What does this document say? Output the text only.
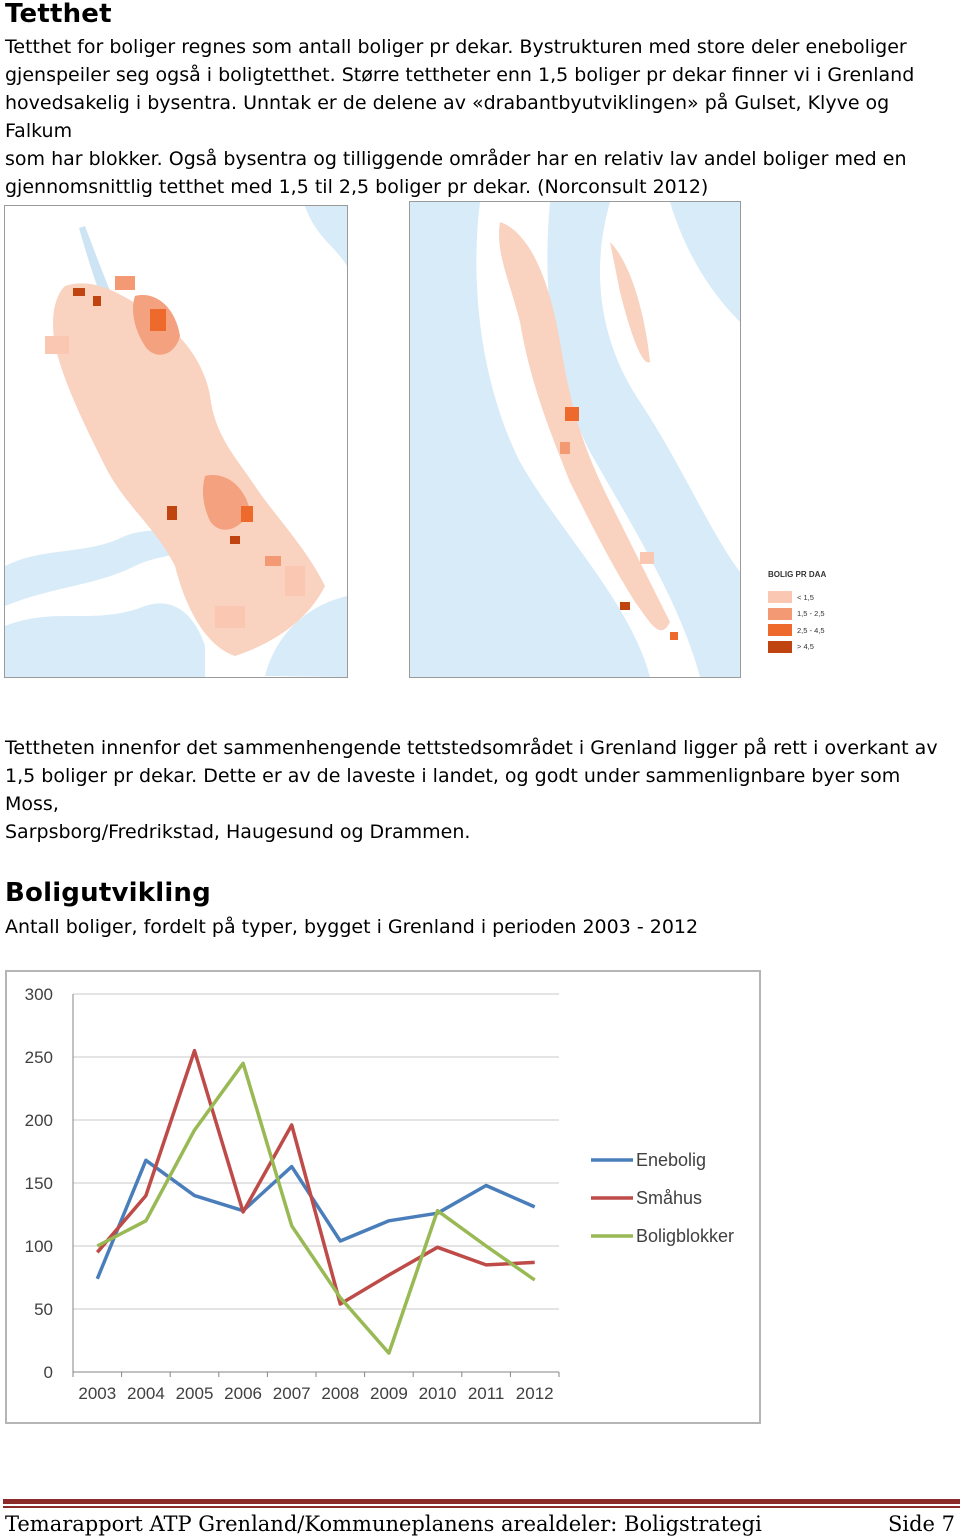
Tetthet
Tetthet for boliger regnes som antall boliger pr dekar. Bystrukturen med store deler eneboliger
gjenspeiler seg også i boligtetthet. Større tettheter enn 1,5 boliger pr dekar finner vi i Grenland
hovedsakelig i bysentra. Unntak er de delene av «drabantbyutviklingen» på Gulset, Klyve og Falkum
som har blokker. Også bysentra og tilliggende områder har en relativ lav andel boliger med en
gjennomsnittlig tetthet med 1,5 til 2,5 boliger pr dekar. (Norconsult 2012)
BOLIG PR DAA
< 1,5
1,5 - 2,5
2,5 - 4,5
> 4,5
Tettheten innenfor det sammenhengende tettstedsområdet i Grenland ligger på rett i overkant av
1,5 boliger pr dekar. Dette er av de laveste i landet, og godt under sammenlignbare byer som Moss,
Sarpsborg/Fredrikstad, Haugesund og Drammen.
Boligutvikling
Antall boliger, fordelt på typer, bygget i Grenland i perioden 2003 - 2012
0
50
100
150
200
250
300
2003 2004 2005 2006 2007 2008 2009 2010 2011 2012
Enebolig
Småhus
Boligblokker
Temarapport ATP Grenland/Kommuneplanens arealdeler: Boligstrategi	Side 7
